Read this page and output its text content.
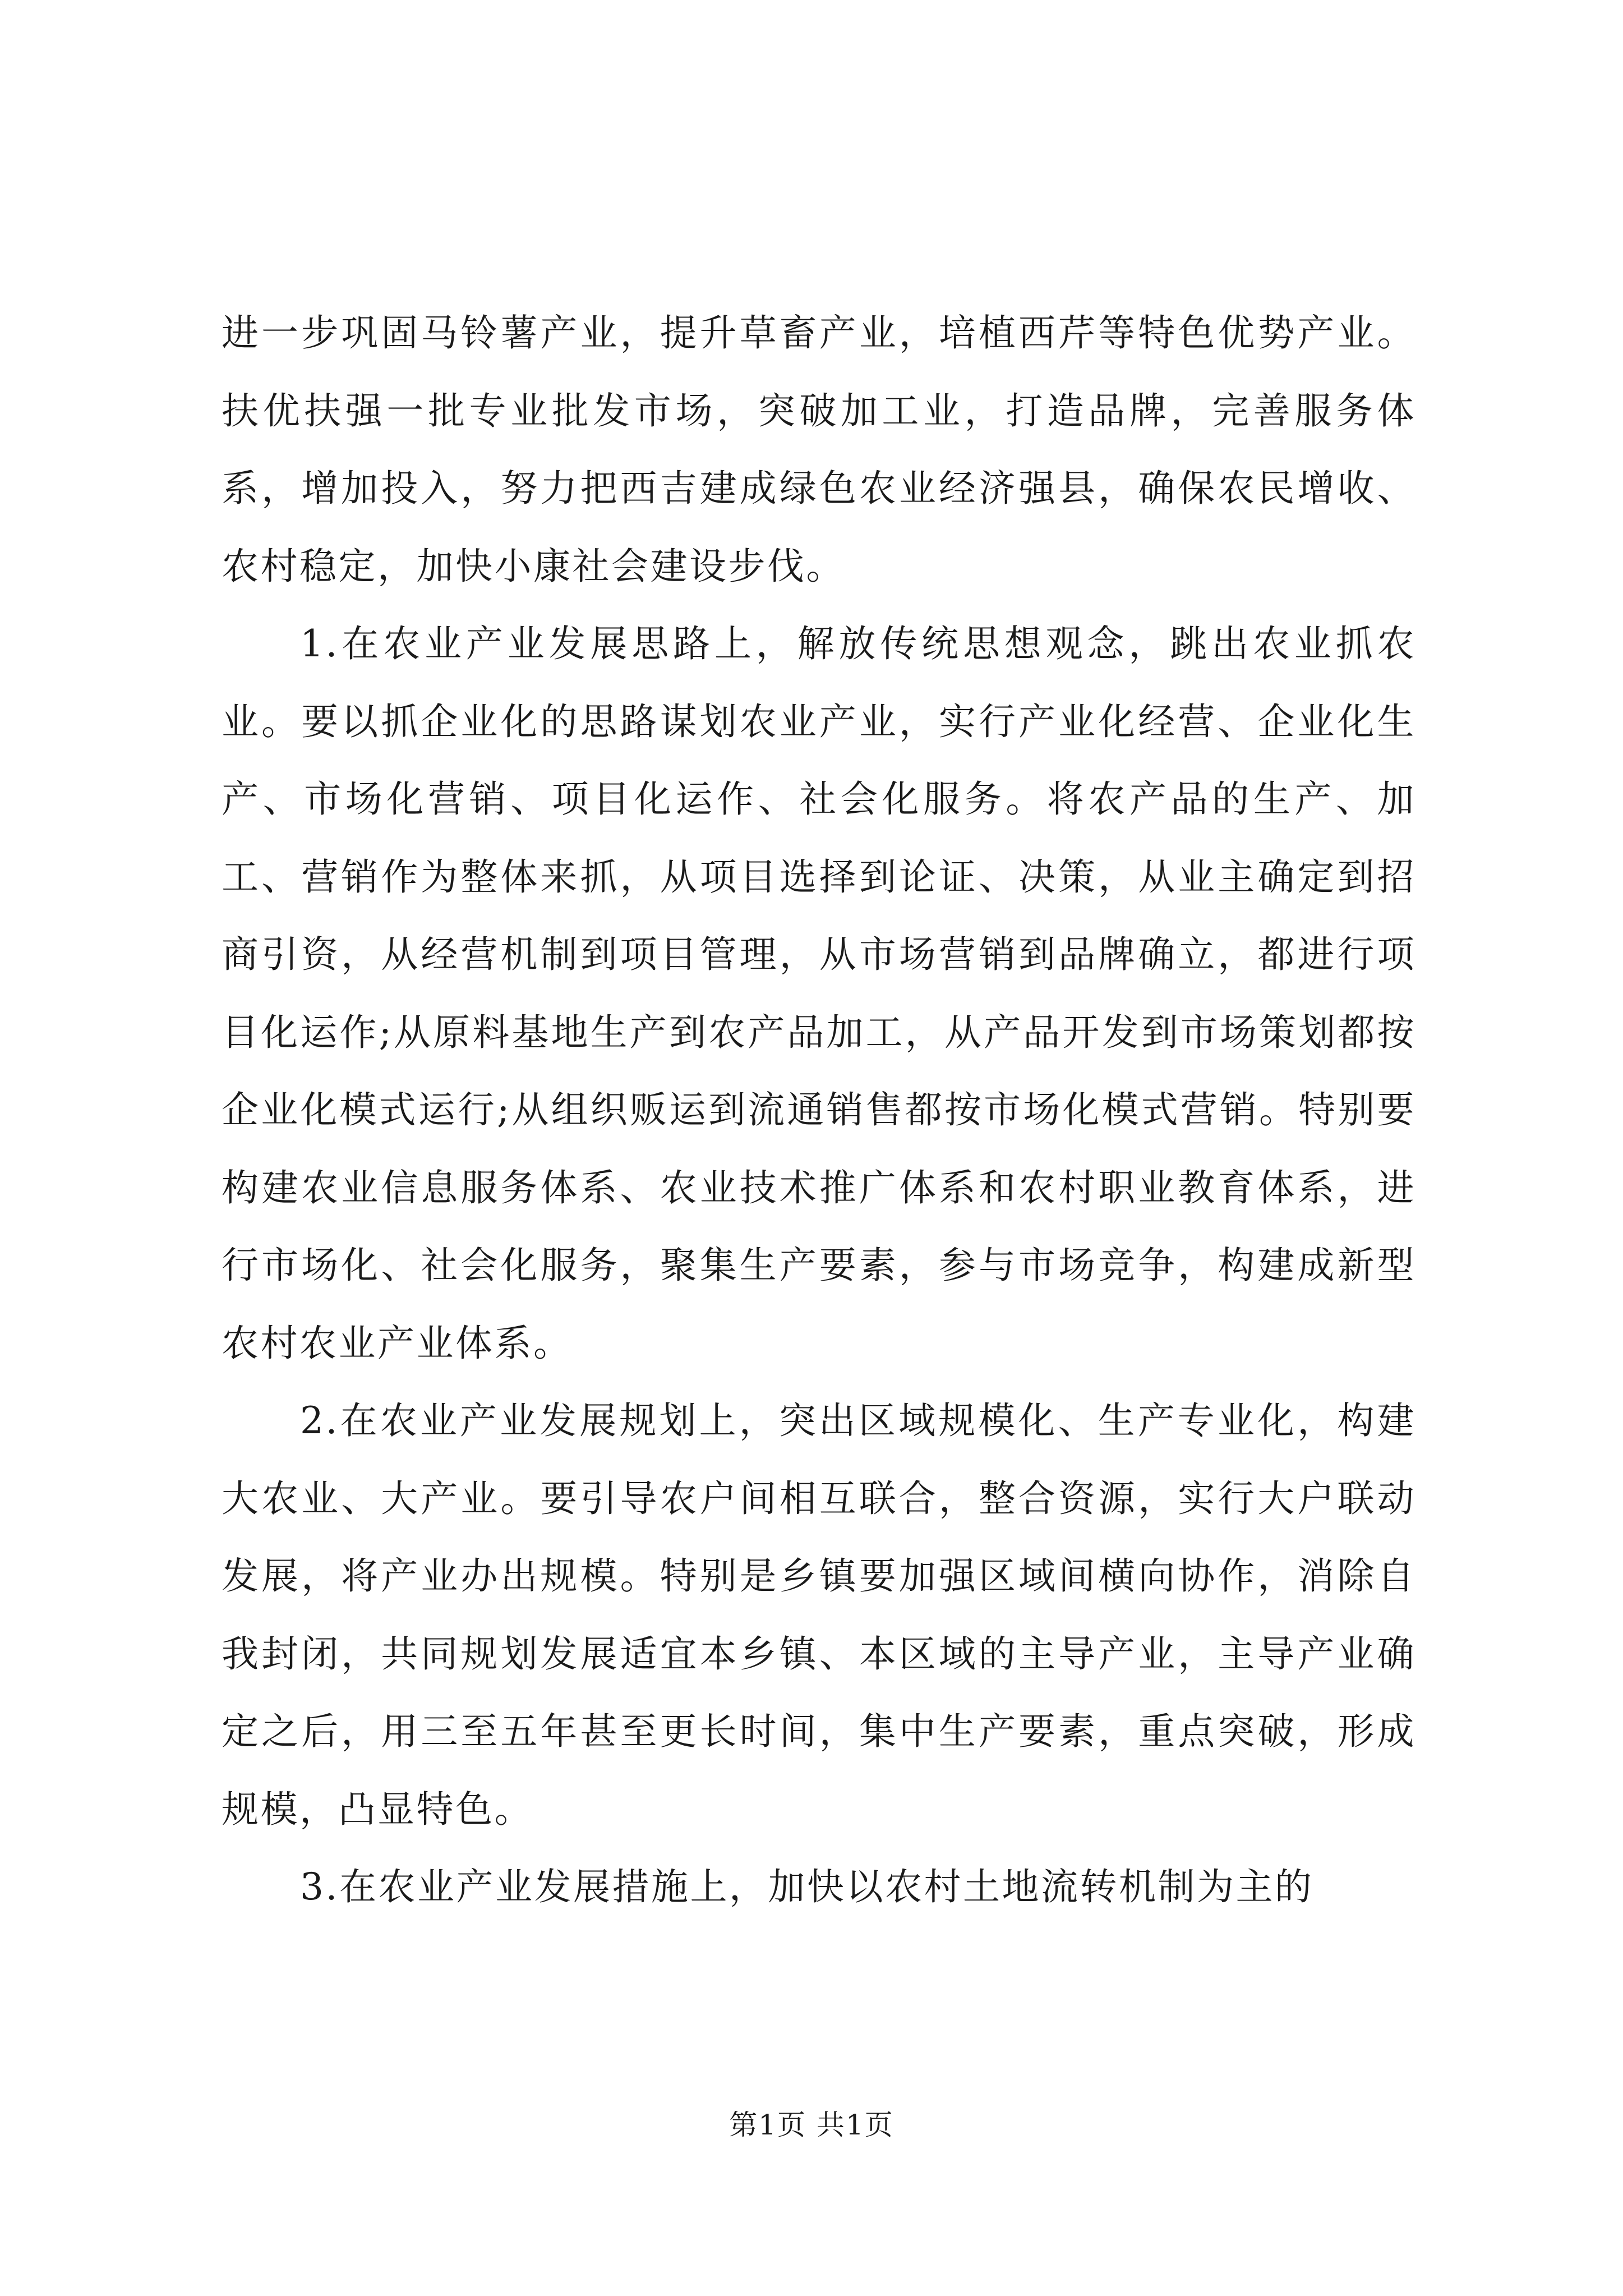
进一步巩固马铃薯产业，提升草畜产业，培植西芹等特色优势产业。扶优扶强一批专业批发市场，突破加工业，打造品牌，完善服务体系，增加投入，努力把西吉建成绿色农业经济强县，确保农民增收、农村稳定，加快小康社会建设步伐。

1.在农业产业发展思路上，解放传统思想观念，跳出农业抓农业。要以抓企业化的思路谋划农业产业，实行产业化经营、企业化生产、市场化营销、项目化运作、社会化服务。将农产品的生产、加工、营销作为整体来抓，从项目选择到论证、决策，从业主确定到招商引资，从经营机制到项目管理，从市场营销到品牌确立，都进行项目化运作;从原料基地生产到农产品加工，从产品开发到市场策划都按企业化模式运行;从组织贩运到流通销售都按市场化模式营销。特别要构建农业信息服务体系、农业技术推广体系和农村职业教育体系，进行市场化、社会化服务，聚集生产要素，参与市场竞争，构建成新型农村农业产业体系。

2.在农业产业发展规划上，突出区域规模化、生产专业化，构建大农业、大产业。要引导农户间相互联合，整合资源，实行大户联动发展，将产业办出规模。特别是乡镇要加强区域间横向协作，消除自我封闭，共同规划发展适宜本乡镇、本区域的主导产业，主导产业确定之后，用三至五年甚至更长时间，集中生产要素，重点突破，形成规模，凸显特色。

3.在农业产业发展措施上，加快以农村土地流转机制为主的

第1页 共1页
